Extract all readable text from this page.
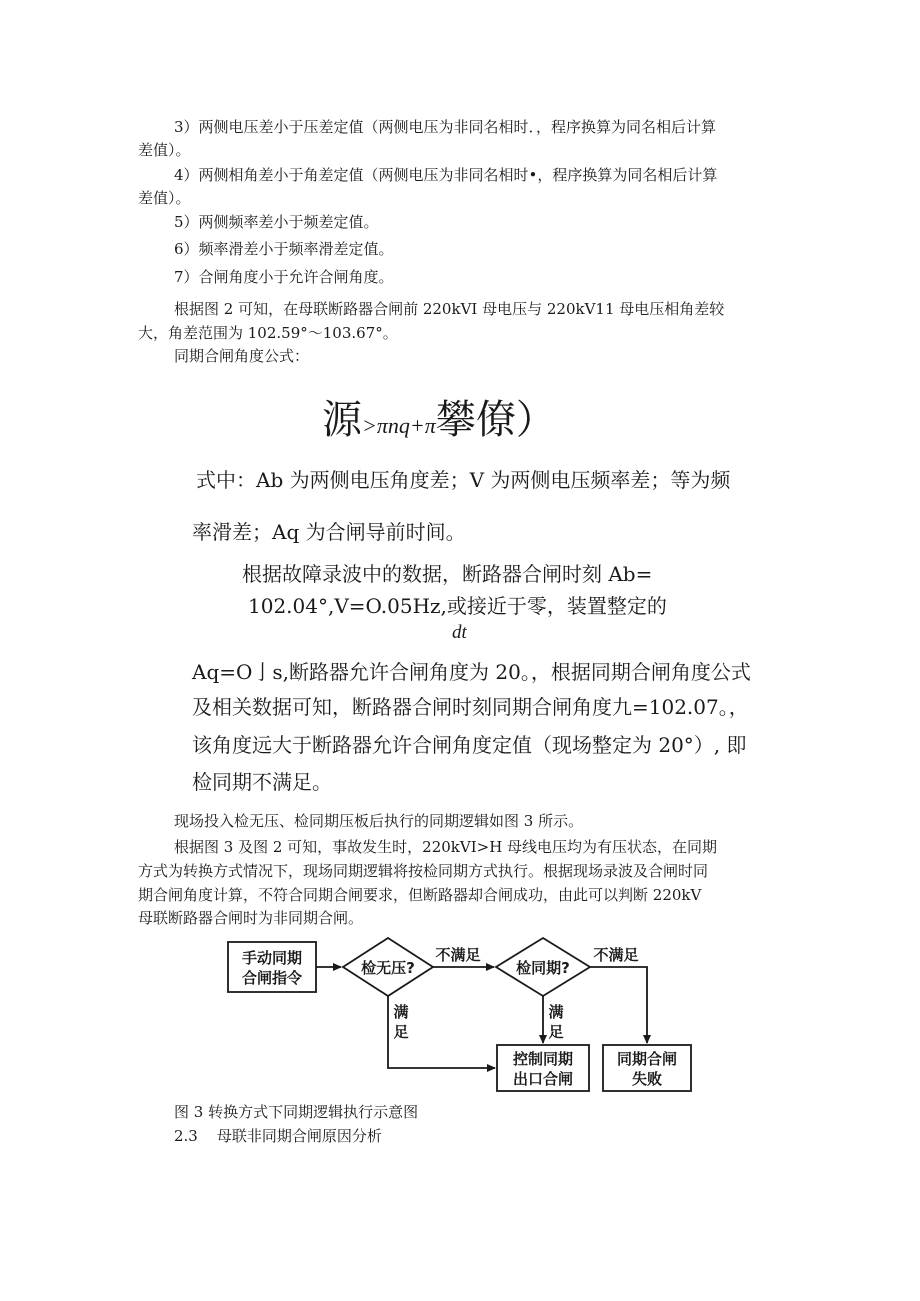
3）两侧电压差小于压差定值（两侧电压为非同名相时．，程序换算为同名相后计算
差值）。
4）两侧相角差小于角差定值（两侧电压为非同名相时•，程序换算为同名相后计算
差值）。
5）两侧频率差小于频差定值。
6）频率滑差小于频率滑差定值。
7）合闸角度小于允许合闸角度。
根据图 2 可知，在母联断路器合闸前 220kVI 母电压与 220kV11 母电压相角差较
大，角差范围为 102.59°～103.67°。
同期合闸角度公式：
源>πnq+π攀僚）
式中：Ab 为两侧电压角度差；V 为两侧电压频率差；等为频
率滑差；Aq 为合闸导前时间。
根据故障录波中的数据，断路器合闸时刻 Ab=
102.04°,V=O.05Hz,或接近于零，装置整定的
dt
Aq=O亅s,断路器允许合闸角度为 20。，根据同期合闸角度公式
及相关数据可知，断路器合闸时刻同期合闸角度九=102.07。，
该角度远大于断路器允许合闸角度定值（现场整定为 20°）, 即
检同期不满足。
现场投入检无压、检同期压板后执行的同期逻辑如图 3 所示。
根据图 3 及图 2 可知，事故发生时，220kVI>H 母线电压均为有压状态，在同期
方式为转换方式情况下，现场同期逻辑将按检同期方式执行。根据现场录波及合闸时同
期合闸角度计算，不符合同期合闸要求，但断路器却合闸成功，由此可以判断 220kV
母联断路器合闸时为非同期合闸。
手动同期
合闸指令
检无压?	检同期?
不满足	不满足
满
足
满
足
控制同期
出口合闸
同期合闸
失败
图 3 转换方式下同期逻辑执行示意图
2.3    母联非同期合闸原因分析
